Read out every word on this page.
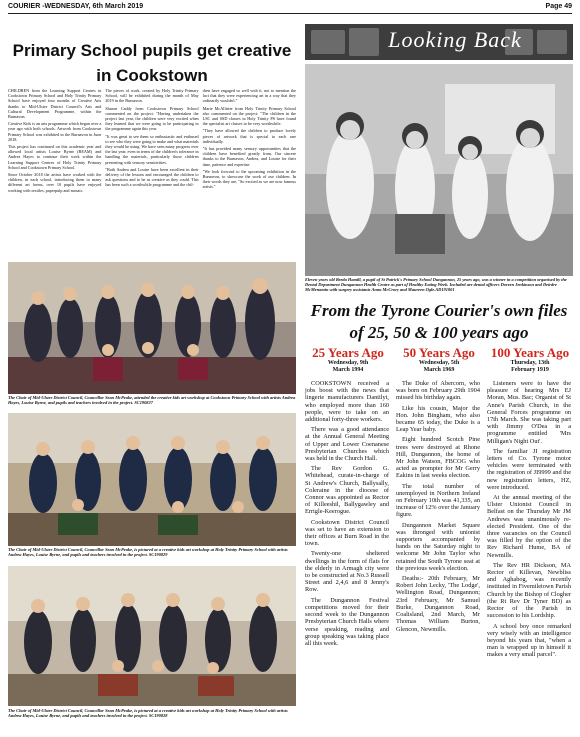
COURIER -WEDNESDAY, 6th March 2019	Page 49
Primary School pupils get creative in Cookstown

CHILDREN from the Learning Support Centres in Cookstown Primary School and Holy Trinity Primary School have enjoyed four months of Creative Arts thanks to Mid-Ulster District Council's Arts and Cultural Development Programme, within the Burnavon.

Creative Kids is an arts programme which began over a year ago with both schools. Artwork from Cookstown Primary School was exhibited in the Burnavon in June 2018.

This project has continued on this academic year and allowed local artists Louise Byrne (BEAM) and Andrea Hayes to continue their work within the Learning Support Centres of Holy Trinity Primary School and Cookstown Primary School.

Since October 2018 the artists have worked with the children, in each school, introducing them to many different art forms, over 10 pupils have enjoyed working with textiles, paperpulp and mosaic.

The pieces of work, created by Holy Trinity Primary School, will be exhibited during the month of May 2019 in the Burnavon.

Sharon Caddy from Cookstown Primary School commented on the project: "Having undertaken the project last year, the children were very excited when they learned that we were going to be participating in the programme again this year.

"It was great to see them so enthusiastic and enthused to see who they were going to make and what materials they would be using. We have seen many progress over the last year, even in terms of the children's tolerance in handling the materials, particularly those children presenting with sensory sensitivities.

"Both Andrea and Louise have been excellent in their delivery of the lessons and encouraged the children to ask questions and to be as creative as they could. This has been such a worthwhile programme and the chil-

dren have engaged so well with it, not to mention the fact that they were experiencing art in a way that they ordinarily wouldn't."

Marie McAllister from Holy Trinity Primary School also commented on the project: "The children in the LSC and SSD classes in Holy Trinity PS have found the specialist art classes to be very worthwhile.

"They have allowed the children to produce lovely pieces of artwork that is special to each one individually.

"It has provided many sensory opportunities that the children have benefited greatly from. Our sincere thanks to the Burnavon, Andrea, and Louise for their time, patience and expertise.

"We look forward to the upcoming exhibition in the Burnavon, to showcase the work of our children. In their words they are, "So excited as we are now famous artists."

The Chair of Mid-Ulster District Council, Councillor Sean McPeake, attended the creative kids art workshop at Cookstown Primary School with artists Andrea Hayes, Louise Byrne, and pupils and teachers involved in the project. SC190827
The Chair of Mid-Ulster District Council, Councillor Sean McPeake, is pictured at a creative kids art workshop at Holy Trinity Primary School with artists Andrea Hayes, Louise Byrne, and pupils and teachers involved in the project. SC190829
The Chair of Mid-Ulster District Council, Councillor Sean McPeake, is pictured at a creative kids art workshop at Holy Trinity Primary School with artists Andrea Hayes, Louise Byrne, and pupils and teachers involved in the project. SC190828
Looking Back
Eleven years old Breda Hamill, a pupil of St Patrick's Primary School Dungannon, 25 years ago, was a winner in a competition organised by the Dental Department Dungannon Health Centre as part of Healthy Eating Week. Included are dental officers Doreen Jenkinson and Deirdre McMenamin with surgery assistants Anna McCrory and Maureen Ogle.AD191001
From the Tyrone Courier's own files of 25, 50 & 100 years ago
25 Years Ago
Wednesday, 9th
March 1994
50 Years Ago
Wednesday, 5th
March 1969
100 Years Ago
Thursday, 13th
February 1919

COOKSTOWN received a jobs boost with the news that lingerie manufacturers Dantilyt, who employed more than 160 people, were to take on an additional forty-three workers.

There was a good attendance at the Annual General Meeting of Upper and Lower Coenanese Presbyterian Churches which was held in the Church Hall.

The Rev Gordon G. Whitehead, curate-in-charge of St Andrew's Church, Ballysally, Coleraine in the diocese of Connor was appointed as Rector of Killeeshil, Ballygawley and Errigle-Keerogue.

Cookstown District Council was set to have an extension to their offices at Burn Road in the town.

Twenty-one sheltered dwellings in the form of flats for the elderly in Armagh city were to be constructed at No.3 Russell Street and 2,4,6 and 8 Jenny's Row.

The Dungannon Festival competitions moved for their second week to the Dungannon Presbyterian Church Halls where verse speaking, reading and group speaking was taking place all this week.

The Duke of Abercorn, who was born on February 29th 1904 missed his birthday again.

Like his cousin, Major the Hon. John Bingham, who also became 65 today, the Duke is a Leap Year baby.

Eight hundred Scotch Pine trees were destroyed at Rhone Hill, Dungannon, the home of Mr John Watson, FBCOG who acted as prompter for Mr Gerry Eakins in last weeks election.

The total number of unemployed in Northern Ireland on February 10th was 41,335, an increase of 12% over the January figure.

Dungannon Market Square was thronged with unionist supporters accompanied by bands on the Saturday night to welcome Mr John Taylor who retained the South Tyrone seat at the previous week's election.

Deaths:- 20th February, Mr Robert John Lecky, 'The Lodge', Wellington Road, Dungannon; 23rd February, Mr Samuel Burke, Dungannon Road, Coalisland, 2nd March, Mr Thomas William Burton, Glencon, Newmills.

Listeners were to have the pleasure of hearing Mrs EJ Moran, Mus. Bac; Organist of St Anne's Parish Church, in the General Forces programme on 17th March. She was taking part with Jimmy O'Dea in a programme entitled 'Mrs Milligan's Night Out'.

The familiar JI registration letters of Co. Tyrone motor vehicles were terminated with the registration of JI9999 and the new registration letters, HZ, were introduced.

At the annual meeting of the Ulster Unionist Council in Belfast on the Thursday Mr JM Andrews was unanimously re-elected President. One of the three vacancies on the Council was filled by the option of the Rev Richard Hume, BA of Newmills.

The Rev HR Dickson, MA Rector of Killevan, Newbliss and Aghabog, was recently instituted in Fivemiletown Parish Church by the Bishop of Clogher (the Rt Rev Dr Tyner BD) as Rector of the Parish in succession to his Lordship.

A school boy once remarked very wisely with an intelligence beyond his years that, "when a man is wrapped up in himself it makes a very small parcel".
